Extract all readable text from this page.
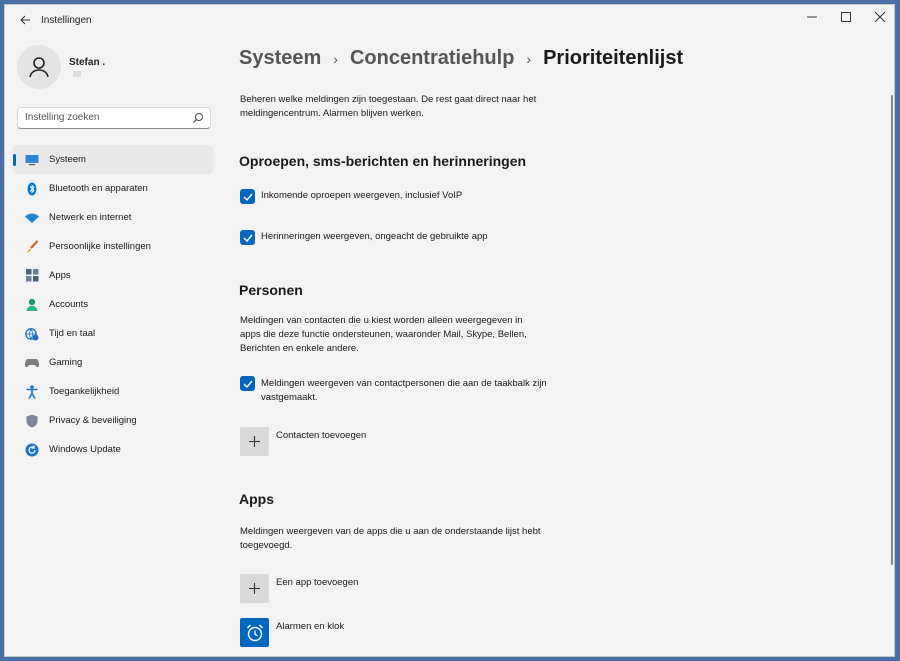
Instellingen
Stefan .
Instelling zoeken
Systeem
Bluetooth en apparaten
Netwerk en internet
Persoonlijke instellingen
Apps
Accounts
Tijd en taal
Gaming
Toegankelijkheid
Privacy & beveiliging
Windows Update
Systeem › Concentratiehulp › Prioriteitenlijst
Beheren welke meldingen zijn toegestaan. De rest gaat direct naar het
meldingencentrum. Alarmen blijven werken.
Oproepen, sms-berichten en herinneringen
Inkomende oproepen weergeven, inclusief VoIP
Herinneringen weergeven, ongeacht de gebruikte app
Personen
Meldingen van contacten die u kiest worden alleen weergegeven in
apps die deze functie ondersteunen, waaronder Mail, Skype, Bellen,
Berichten en enkele andere.
Meldingen weergeven van contactpersonen die aan de taakbalk zijn
vastgemaakt.
Contacten toevoegen
Apps
Meldingen weergeven van de apps die u aan de onderstaande lijst hebt
toegevoegd.
Een app toevoegen
Alarmen en klok
